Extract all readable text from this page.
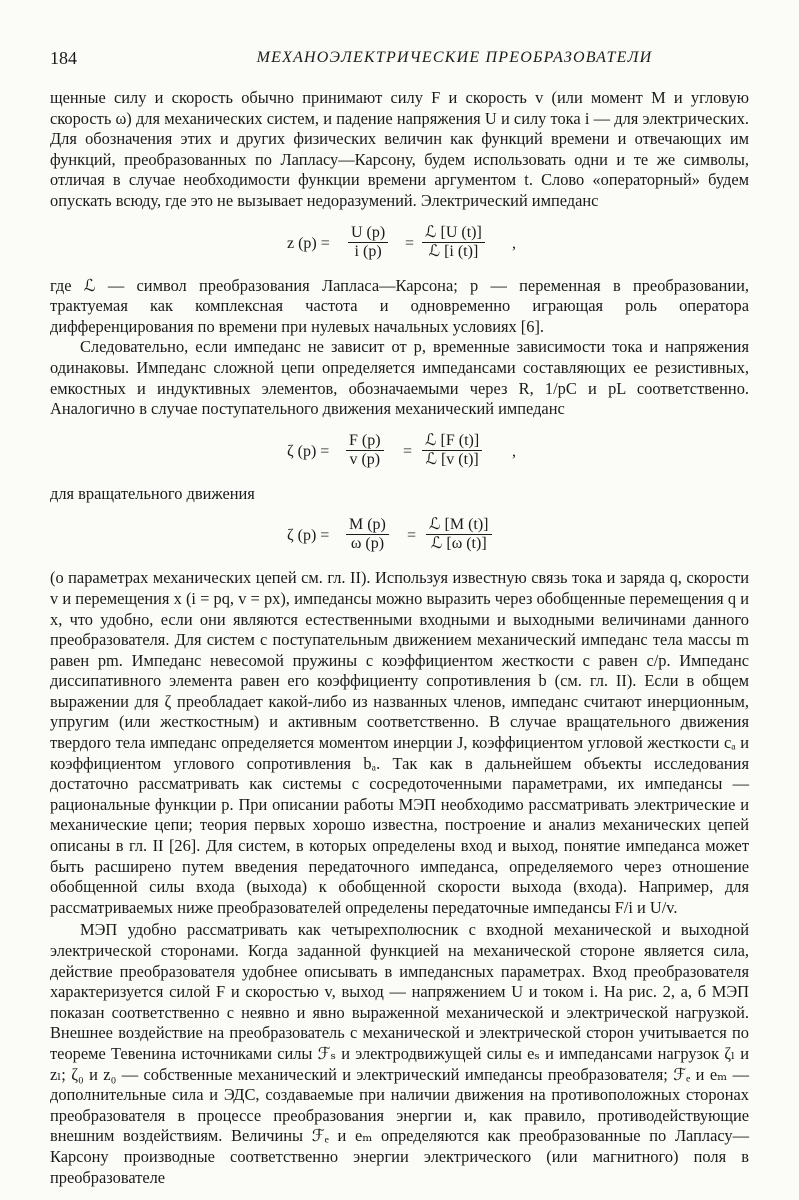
184	МЕХАНОЭЛЕКТРИЧЕСКИЕ ПРЕОБРАЗОВАТЕЛИ

щенные силу и скорость обычно принимают силу F и скорость v (или момент M и угловую скорость ω) для механических систем, и падение напряжения U и силу тока i — для электрических. Для обозначения этих и других физических величин как функций времени и отвечающих им функций, преобразованных по Лапласу—Карсону, будем использовать одни и те же символы, отличая в случае необходимости функции времени аргументом t. Слово «операторный» будем опускать всюду, где это не вызывает недоразумений. Электрический импеданс

z $(p) = \frac{U (p)}{i (p)}$ =
ℒ [U (t)]
ℒ [i (t)]	,

где ℒ — символ преобразования Лапласа—Карсона; p — переменная в преобразовании, трактуемая как комплексная частота и одновременно играющая роль оператора дифференцирования по времени при нулевых начальных условиях [6].

Следовательно, если импеданс не зависит от p, временные зависимости тока и напряжения одинаковы. Импеданс сложной цепи определяется импедансами составляющих ее резистивных, емкостных и индуктивных элементов, обозначаемыми через R, 1/pC и pL соответственно. Аналогично в случае поступательного движения механический импеданс

ζ $(p) = \frac{F (p)}{v (p)}$ =
ℒ [F (t)]
ℒ [v (t)] ,

для вращательного движения

ζ $(p) = \frac{M (p)}{\omega (p)}$ =
ℒ [M (t)]
ℒ [ω (t)]

(о параметрах механических цепей см. гл. II). Используя известную связь тока и заряда q, скорости v и перемещения x (i = pq, v = px), импедансы можно выразить через обобщенные перемещения q и x, что удобно, если они являются естественными входными и выходными величинами данного преобразователя. Для систем с поступательным движением механический импеданс тела массы m равен pm. Импеданс невесомой пружины с коэффициентом жесткости c равен c/p. Импеданс диссипативного элемента равен его коэффициенту сопротивления b (см. гл. II). Если в общем выражении для ζ преобладает какой-либо из названных членов, импеданс считают инерционным, упругим (или жесткостным) и активным соответственно. В случае вращательного движения твердого тела импеданс определяется моментом инерции J, коэффициентом угловой жесткости cₐ и коэффициентом углового сопротивления bₐ. Так как в дальнейшем объекты исследования достаточно рассматривать как системы с сосредоточенными параметрами, их импедансы — рациональные функции p. При описании работы МЭП необходимо рассматривать электрические и механические цепи; теория первых хорошо известна, построение и анализ механических цепей описаны в гл. II [26]. Для систем, в которых определены вход и выход, понятие импеданса может быть расширено путем введения передаточного импеданса, определяемого через отношение обобщенной силы входа (выхода) к обобщенной скорости выхода (входа). Например, для рассматриваемых ниже преобразователей определены передаточные импедансы F/i и U/v.

МЭП удобно рассматривать как четырехполюсник с входной механической и выходной электрической сторонами. Когда заданной функцией на механической стороне является сила, действие преобразователя удобнее описывать в импедансных параметрах. Вход преобразователя характеризуется силой F и скоростью v, выход — напряжением U и током i. На рис. 2, а, б МЭП показан соответственно с неявно и явно выраженной механической и электрической нагрузкой. Внешнее воздействие на преобразователь с механической и электрической сторон учитывается по теореме Тевенина источниками силы ℱₛ и электродвижущей силы eₛ и импедансами нагрузок ζₗ и zₗ; ζ₀ и z₀ — собственные механический и электрический импедансы преобразователя; ℱₑ и eₘ — дополнительные сила и ЭДС, создаваемые при наличии движения на противоположных сторонах преобразователя в процессе преобразования энергии и, как правило, противодействующие внешним воздействиям. Величины ℱₑ и eₘ определяются как преобразованные по Лапласу—Карсону производные соответственно энергии электрического (или магнитного) поля в преобразователе
